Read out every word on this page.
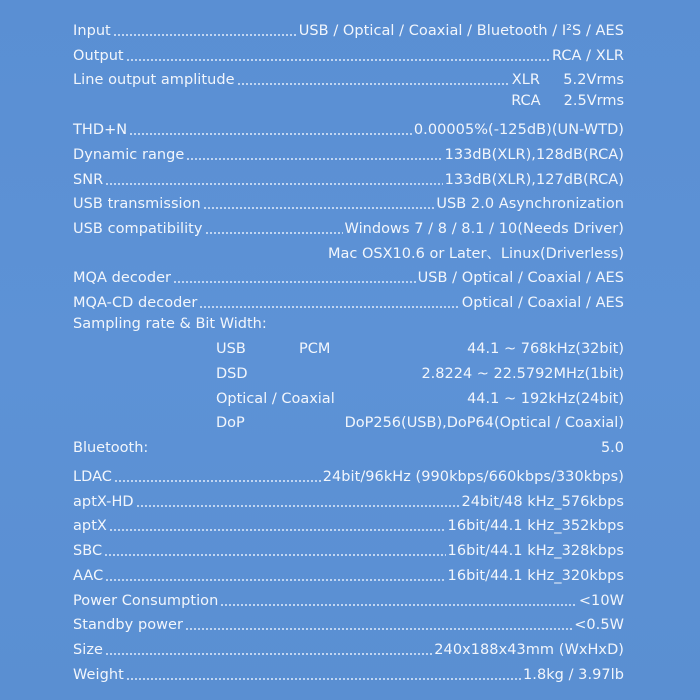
Input	USB / Optical / Coaxial / Bluetooth / I²S / AES
Output	RCA / XLR
Line output amplitude	XLR     5.2Vrms
RCA     2.5Vrms
THD+N	0.00005%(-125dB)(UN-WTD)
Dynamic range	133dB(XLR),128dB(RCA)
SNR	133dB(XLR),127dB(RCA)
USB transmission	USB 2.0 Asynchronization
USB compatibility	Windows 7 / 8 / 8.1 / 10(Needs Driver)
Mac OSX10.6 or Later、Linux(Driverless)
MQA decoder	USB / Optical / Coaxial / AES
MQA-CD decoder	Optical / Coaxial / AES
Sampling rate & Bit Width:
USB	PCM	44.1 ~ 768kHz(32bit)
DSD	2.8224 ~ 22.5792MHz(1bit)
Optical / Coaxial	44.1 ~ 192kHz(24bit)
DoP	DoP256(USB),DoP64(Optical / Coaxial)
Bluetooth:	5.0
LDAC	24bit/96kHz (990kbps/660kbps/330kbps)
aptX-HD	24bit/48 kHz_576kbps
aptX	16bit/44.1 kHz_352kbps
SBC	16bit/44.1 kHz_328kbps
AAC	16bit/44.1 kHz_320kbps
Power Consumption	<10W
Standby power	<0.5W
Size	240x188x43mm (WxHxD)
Weight	1.8kg / 3.97lb
